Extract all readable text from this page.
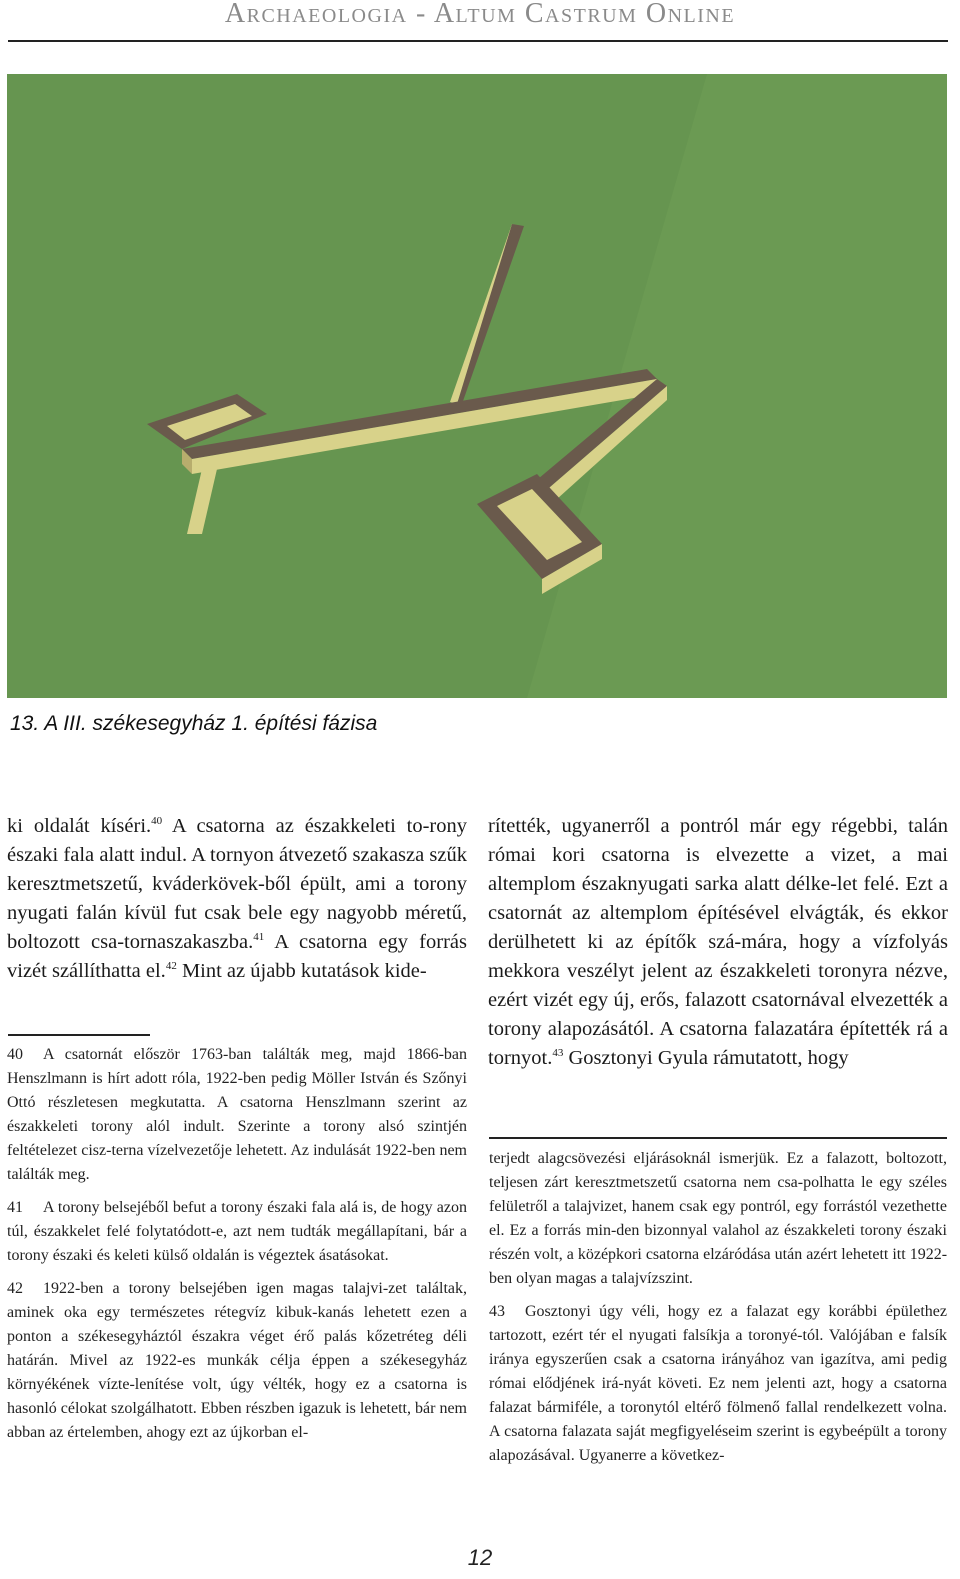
Archaeologia - Altum Castrum Online
13. A III. székesegyház 1. építési fázisa

ki oldalát kíséri.$^{40}$ A csatorna az északkeleti to-rony északi fala alatt indul. A tornyon átvezető szakasza szűk keresztmetszetű, kváderkövek-ből épült, ami a torony nyugati falán kívül fut csak bele egy nagyobb méretű, boltozott csa-tornaszakaszba.$^{41}$ A csatorna egy forrás vizét szállíthatta el.$^{42}$ Mint az újabb kutatások kide-

rítették, ugyanerről a pontról már egy régebbi, talán római kori csatorna is elvezette a vizet, a mai altemplom északnyugati sarka alatt délke-let felé. Ezt a csatornát az altemplom építésével elvágták, és ekkor derülhetett ki az építők szá-mára, hogy a vízfolyás mekkora veszélyt jelent az északkeleti toronyra nézve, ezért vizét egy új, erős, falazott csatornával elvezették a torony alapozásától. A csatorna falazatára építették rá a tornyot.$^{43}$ Gosztonyi Gyula rámutatott, hogy

40 A csatornát először 1763-ban találták meg, majd 1866-ban Henszlmann is hírt adott róla, 1922-ben pedig Möller István és Szőnyi Ottó részletesen megkutatta. A csatorna Henszlmann szerint az északkeleti torony alól indult. Szerinte a torony alsó szintjén feltételezet cisz-terna vízelvezetője lehetett. Az indulását 1922-ben nem találták meg.

41 A torony belsejéből befut a torony északi fala alá is, de hogy azon túl, északkelet felé folytatódott-e, azt nem tudták megállapítani, bár a torony északi és keleti külső oldalán is végeztek ásatásokat.

42 1922-ben a torony belsejében igen magas talajvi-zet találtak, aminek oka egy természetes rétegvíz kibuk-kanás lehetett ezen a ponton a székesegyháztól északra véget érő palás kőzetréteg déli határán. Mivel az 1922-es munkák célja éppen a székesegyház környékének vízte-lenítése volt, úgy vélték, hogy ez a csatorna is hasonló célokat szolgálhatott. Ebben részben igazuk is lehetett, bár nem abban az értelemben, ahogy ezt az újkorban el-

terjedt alagcsövezési eljárásoknál ismerjük. Ez a falazott, boltozott, teljesen zárt keresztmetszetű csatorna nem csa-polhatta le egy széles felületről a talajvizet, hanem csak egy pontról, egy forrástól vezethette el. Ez a forrás min-den bizonnyal valahol az északkeleti torony északi részén volt, a középkori csatorna elzáródása után azért lehetett itt 1922-ben olyan magas a talajvízszint.

43 Gosztonyi úgy véli, hogy ez a falazat egy korábbi épülethez tartozott, ezért tér el nyugati falsíkja a toronyé-tól. Valójában e falsík iránya egyszerűen csak a csatorna irányához van igazítva, ami pedig római elődjének irá-nyát követi. Ez nem jelenti azt, hogy a csatorna falazat bármiféle, a toronytól eltérő fölmenő fallal rendelkezett volna. A csatorna falazata saját megfigyeléseim szerint is egybeépült a torony alapozásával. Ugyanerre a következ-

12
